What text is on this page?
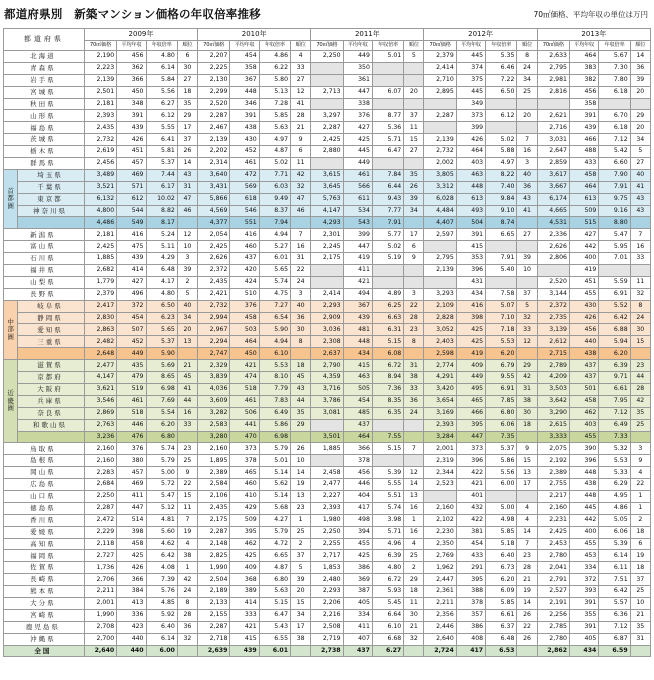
都道府県別　新築マンション価格の年収倍率推移	70㎡価格、平均年収の単位は万円
都道府県		2009年				2010年				2011年				2012年				2013年			
		70㎡価格	平均年収	年収倍率	順位	70㎡価格	平均年収	年収倍率	順位	70㎡価格	平均年収	年収倍率	順位	70㎡価格	平均年収	年収倍率	順位	70㎡価格	平均年収	年収倍率	順位
北海道		2,190	456	4.80	6	2,207	454	4.86	4	2,250	449	5.01	5	2,379	445	5.35	8	2,633	464	5.67	14
青森県		2,223	362	6.14	30	2,225	358	6.22	33		350			2,414	374	6.46	24	2,795	383	7.30	36
岩手県		2,139	366	5.84	27	2,130	367	5.80	27		361			2,710	375	7.22	34	2,981	382	7.80	39
宮城県		2,501	450	5.56	18	2,299	448	5.13	12	2,713	447	6.07	20	2,895	445	6.50	25	2,816	456	6.18	20
秋田県		2,181	348	6.27	35	2,520	346	7.28	41		338				349				358		
山形県		2,393	391	6.12	29	2,287	391	5.85	28	3,297	376	8.77	37	2,287	373	6.12	20	2,621	391	6.70	29
福島県		2,435	439	5.55	17	2,467	438	5.63	21	2,287	427	5.36	11		399			2,716	439	6.18	20
茨城県		2,732	426	6.41	37	2,139	430	4.97	9	2,425	425	5.71	15	2,139	426	5.02	7	3,031	466	7.12	34
栃木県		2,619	451	5.81	26	2,202	452	4.87	6	2,880	445	6.47	27	2,732	464	5.88	16	2,647	488	5.42	5
群馬県		2,456	457	5.37	14	2,314	461	5.02	11		449			2,002	403	4.97	3	2,859	433	6.60	27
首都圏	埼玉県	3,489	469	7.44	43	3,640	472	7.71	42	3,615	461	7.84	35	3,805	463	8.22	40	3,617	458	7.90	40
	千葉県	3,521	571	6.17	31	3,431	569	6.03	32	3,645	566	6.44	26	3,312	448	7.40	36	3,667	464	7.91	41
	東京都	6,132	612	10.02	47	5,866	618	9.49	47	5,763	611	9.43	39	6,028	613	9.84	43	6,174	613	9.75	43
	神奈川県	4,800	544	8.82	46	4,569	546	8.37	46	4,147	534	7.77	34	4,484	493	9.10	41	4,665	509	9.16	43
		4,486	549	8.17		4,377	551	7.94		4,293	543	7.91		4,407	504	8.74		4,531	515	8.80	
新潟県		2,181	416	5.24	12	2,054	416	4.94	7	2,301	399	5.77	17	2,597	391	6.65	27	2,336	427	5.47	7
富山県		2,425	475	5.11	10	2,425	460	5.27	16	2,245	447	5.02	6		415			2,626	442	5.95	16
石川県		1,885	439	4.29	3	2,626	437	6.01	31	2,175	419	5.19	9	2,795	353	7.91	39	2,806	400	7.01	33
福井県		2,682	414	6.48	39	2,372	420	5.65	22		411			2,139	396	5.40	10		419		
山梨県		1,779	427	4.17	2	2,435	424	5.74	24		421				431			2,520	451	5.59	11
長野県		2,379	496	4.80	5	2,421	510	4.75	3	2,414	494	4.89	3	3,293	434	7.58	37	3,144	455	6.91	32
中部圏	岐阜県	2,417	372	6.50	40	2,732	376	7.27	40	2,293	367	6.25	22	2,109	416	5.07	5	2,372	430	5.52	8
	静岡県	2,830	454	6.23	34	2,994	458	6.54	36	2,909	439	6.63	28	2,828	398	7.10	32	2,735	426	6.42	24
	愛知県	2,863	507	5.65	20	2,967	503	5.90	30	3,036	481	6.31	23	3,052	425	7.18	33	3,139	456	6.88	30
	三重県	2,482	452	5.37	13	2,294	464	4.94	8	2,308	448	5.15	8	2,403	425	5.53	12	2,612	440	5.94	15
		2,648	449	5.90		2,747	450	6.10		2,637	434	6.08		2,598	419	6.20		2,715	438	6.20	
近畿圏	滋賀県	2,477	435	5.69	21	2,329	421	5.53	18	2,790	415	6.72	31	2,774	409	6.79	29	2,789	437	6.39	23
	京都府	4,147	479	8.65	45	3,839	474	8.10	45	4,359	463	8.94	38	4,291	449	9.55	42	4,209	437	9.71	44
	大阪府	3,621	519	6.98	41	4,036	518	7.79	43	3,716	505	7.36	33	3,420	495	6.91	31	3,503	501	6.61	28
	兵庫県	3,546	461	7.69	44	3,609	461	7.83	44	3,786	454	8.35	36	3,654	465	7.85	38	3,642	458	7.95	42
	奈良県	2,869	518	5.54	16	3,282	506	6.49	35	3,081	485	6.35	24	3,169	466	6.80	30	3,290	462	7.12	35
	和歌山県	2,763	446	6.20	33	2,583	441	5.86	29		437			2,393	395	6.06	18	2,615	403	6.49	25
		3,236	476	6.80		3,280	470	6.98		3,501	464	7.55		3,284	447	7.35		3,333	455	7.33	
鳥取県		2,160	376	5.74	23	2,160	373	5.79	26	1,885	366	5.15	7	2,001	373	5.37	9	2,075	390	5.32	3
島根県		2,160	380	5.79	25	1,895	378	5.01	10		378			2,319	396	5.86	15	2,192	396	5.53	9
岡山県		2,283	457	5.00	9	2,389	465	5.14	14	2,458	456	5.39	12	2,344	422	5.56	13	2,389	448	5.33	4
広島県		2,684	469	5.72	22	2,584	460	5.62	19	2,477	446	5.55	14	2,523	421	6.00	17	2,755	438	6.29	22
山口県		2,250	411	5.47	15	2,106	410	5.14	13	2,227	404	5.51	13		401			2,217	448	4.95	1
徳島県		2,287	447	5.12	11	2,435	429	5.68	23	2,393	417	5.74	16	2,160	432	5.00	4	2,160	445	4.86	1
香川県		2,472	514	4.81	7	2,175	509	4.27	1	1,980	498	3.98	1	2,102	422	4.98	4	2,231	442	5.05	2
愛媛県		2,229	398	5.60	19	2,287	395	5.79	25	2,250	394	5.71	16	2,230	381	5.85	14	2,425	400	6.06	18
高知県		2,118	458	4.62	4	2,148	462	4.72	2	2,255	455	4.96	4	2,350	454	5.18	7	2,453	455	5.39	6
福岡県		2,727	425	6.42	38	2,825	425	6.65	37	2,717	425	6.39	25	2,769	433	6.40	23	2,780	453	6.14	19
佐賀県		1,736	426	4.08	1	1,990	409	4.87	5	1,853	386	4.80	2	1,962	291	6.73	28	2,041	334	6.11	18
長崎県		2,706	366	7.39	42	2,504	368	6.80	39	2,480	369	6.72	29	2,447	395	6.20	21	2,791	372	7.51	37
熊本県		2,211	384	5.76	24	2,189	389	5.63	20	2,293	387	5.93	18	2,361	388	6.09	19	2,527	393	6.42	25
大分県		2,001	413	4.85	8	2,133	414	5.15	15	2,206	405	5.45	11	2,211	378	5.85	14	2,191	391	5.57	10
宮崎県		1,990	336	5.92	28	2,155	333	6.47	34	2,216	334	6.64	30	2,356	357	6.61	26	2,256	355	6.36	21
鹿児島県		2,708	423	6.40	36	2,287	421	5.43	17	2,508	411	6.10	21	2,446	386	6.37	22	2,785	391	7.12	35
沖縄県		2,700	440	6.14	32	2,718	415	6.55	38	2,719	407	6.68	32	2,640	408	6.48	26	2,780	405	6.87	31
全国		2,640	440	6.00		2,639	439	6.01		2,738	437	6.27		2,724	417	6.53		2,862	434	6.59	
